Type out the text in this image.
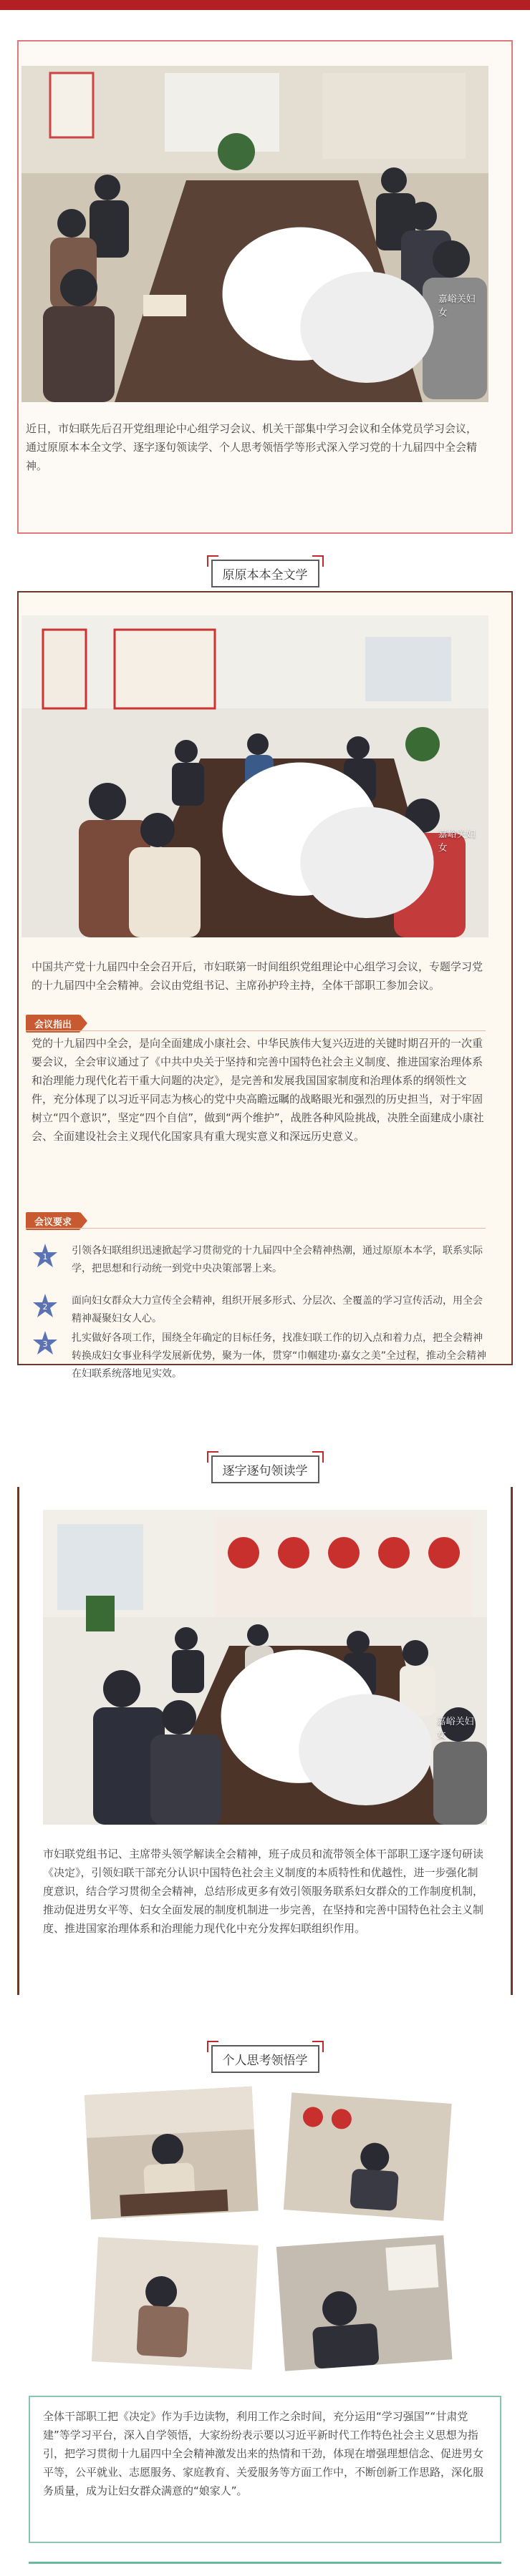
嘉峪关妇女

近日，市妇联先后召开党组理论中心组学习会议、机关干部集中学习会议和全体党员学习会议，通过原原本本全文学、逐字逐句领读学、个人思考领悟学等形式深入学习党的十九届四中全会精神。

原原本本全文学
嘉峪关妇女

中国共产党十九届四中全会召开后，市妇联第一时间组织党组理论中心组学习会议，专题学习党的十九届四中全会精神。会议由党组书记、主席孙护玲主持，全体干部职工参加会议。

会议指出

党的十九届四中全会，是向全面建成小康社会、中华民族伟大复兴迈进的关键时期召开的一次重要会议，全会审议通过了《中共中央关于坚持和完善中国特色社会主义制度、推进国家治理体系和治理能力现代化若干重大问题的决定》，是完善和发展我国国家制度和治理体系的纲领性文件，充分体现了以习近平同志为核心的党中央高瞻远瞩的战略眼光和强烈的历史担当，对于牢固树立“四个意识”，坚定“四个自信”，做到“两个维护”，战胜各种风险挑战，决胜全面建成小康社会、全面建设社会主义现代化国家具有重大现实意义和深远历史意义。

会议要求
1

引领各妇联组织迅速掀起学习贯彻党的十九届四中全会精神热潮，通过原原本本学，联系实际学，把思想和行动统一到党中央决策部署上来。

2

面向妇女群众大力宣传全会精神，组织开展多形式、分层次、全覆盖的学习宣传活动，用全会精神凝聚妇女人心。

3

扎实做好各项工作，围绕全年确定的目标任务，找准妇联工作的切入点和着力点，把全会精神转换成妇女事业科学发展新优势，聚为一体，贯穿“巾帼建功·嘉女之美”全过程，推动全会精神在妇联系统落地见实效。

逐字逐句领读学
嘉峪关妇女

市妇联党组书记、主席带头领学解读全会精神，班子成员和流带领全体干部职工逐字逐句研读《决定》，引领妇联干部充分认识中国特色社会主义制度的本质特性和优越性，进一步强化制度意识，结合学习贯彻全会精神，总结形成更多有效引领服务联系妇女群众的工作制度机制，推动促进男女平等、妇女全面发展的制度机制进一步完善，在坚持和完善中国特色社会主义制度、推进国家治理体系和治理能力现代化中充分发挥妇联组织作用。

个人思考领悟学

全体干部职工把《决定》作为手边读物，利用工作之余时间，充分运用“学习强国”“甘肃党建”等学习平台，深入自学领悟，大家纷纷表示要以习近平新时代工作特色社会主义思想为指引，把学习贯彻十九届四中全会精神激发出来的热情和干劲，体现在增强理想信念、促进男女平等，公平就业、志愿服务、家庭教育、关爱服务等方面工作中，不断创新工作思路，深化服务质量，成为让妇女群众满意的“娘家人”。
